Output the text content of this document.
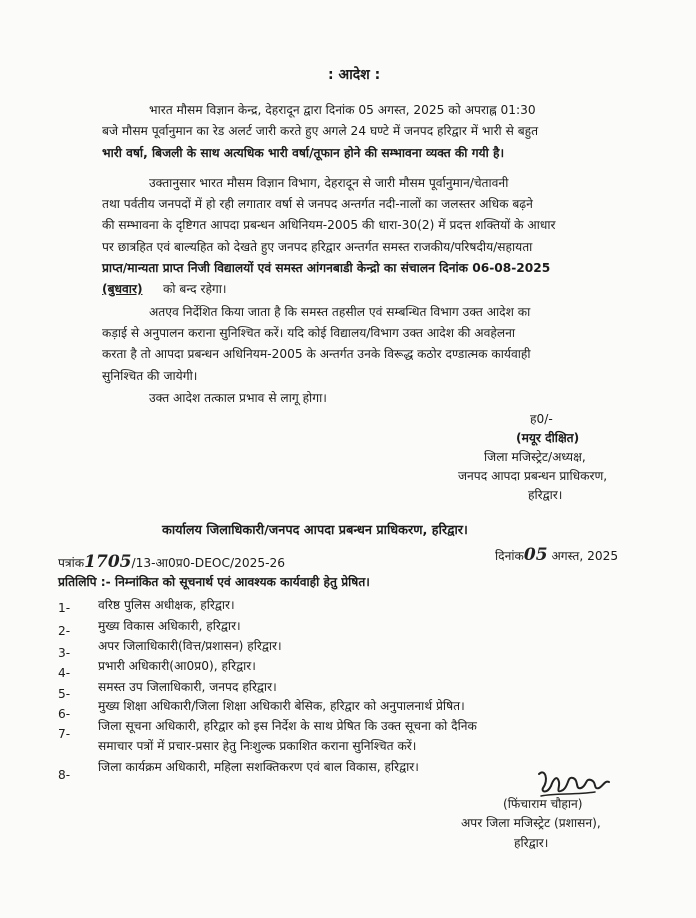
: आदेश :
भारत मौसम विज्ञान केन्द्र, देहरादून द्वारा दिनांक 05 अगस्त, 2025 को अपराह्न 01:30
बजे मौसम पूर्वानुमान का रेड अलर्ट जारी करते हुए अगले 24 घण्टे में जनपद हरिद्वार में भारी से बहुत
भारी वर्षा, बिजली के साथ अत्यधिक भारी वर्षा/तूफान होने की सम्भावना व्यक्त की गयी है।
उक्तानुसार भारत मौसम विज्ञान विभाग, देहरादून से जारी मौसम पूर्वानुमान/चेतावनी
तथा पर्वतीय जनपदों में हो रही लगातार वर्षा से जनपद अन्तर्गत नदी-नालों का जलस्तर अधिक बढ़ने
की सम्भावना के दृष्टिगत आपदा प्रबन्धन अधिनियम-2005 की धारा-30(2) में प्रदत्त शक्तियों के आधार
पर छात्रहित एवं बाल्यहित को देखते हुए जनपद हरिद्वार अन्तर्गत समस्त राजकीय/परिषदीय/सहायता
प्राप्त/मान्यता प्राप्त निजी विद्यालयों एवं समस्त आंगनबाडी केन्द्रो का संचालन दिनांक 06-08-2025
(बुधवार) को बन्द रहेगा।
अतएव निर्देशित किया जाता है कि समस्त तहसील एवं सम्बन्धित विभाग उक्त आदेश का
कड़ाई से अनुपालन कराना सुनिश्चित करें। यदि कोई विद्यालय/विभाग उक्त आदेश की अवहेलना
करता है तो आपदा प्रबन्धन अधिनियम-2005 के अन्तर्गत उनके विरूद्ध कठोर दण्डात्मक कार्यवाही
सुनिश्चित की जायेगी।
उक्त आदेश तत्काल प्रभाव से लागू होगा।
ह0/-
(मयूर दीक्षित)
जिला मजिस्ट्रेट/अध्यक्ष,
जनपद आपदा प्रबन्धन प्राधिकरण,
हरिद्वार।
कार्यालय जिलाधिकारी/जनपद आपदा प्रबन्धन प्राधिकरण, हरिद्वार।
पत्रांक1705/13-आ0प्र0-DEOC/2025-26	दिनांक05 अगस्त, 2025
प्रतिलिपि :- निम्नांकित को सूचनार्थ एवं आवश्यक कार्यवाही हेतु प्रेषित।
1- वरिष्ठ पुलिस अधीक्षक, हरिद्वार।
2- मुख्य विकास अधिकारी, हरिद्वार।
3- अपर जिलाधिकारी(वित्त/प्रशासन) हरिद्वार।
4- प्रभारी अधिकारी(आ0प्र0), हरिद्वार।
5- समस्त उप जिलाधिकारी, जनपद हरिद्वार।
6-
मुख्य शिक्षा अधिकारी/जिला शिक्षा अधिकारी बेसिक, हरिद्वार को अनुपालनार्थ प्रेषित।
7-
जिला सूचना अधिकारी, हरिद्वार को इस निर्देश के साथ प्रेषित कि उक्त सूचना को दैनिक
समाचार पत्रों में प्रचार-प्रसार हेतु निःशुल्क प्रकाशित कराना सुनिश्चित करें।
8-
जिला कार्यक्रम अधिकारी, महिला सशक्तिकरण एवं बाल विकास, हरिद्वार।
(फिंचाराम चौहान)
अपर जिला मजिस्ट्रेट (प्रशासन),
हरिद्वार।
